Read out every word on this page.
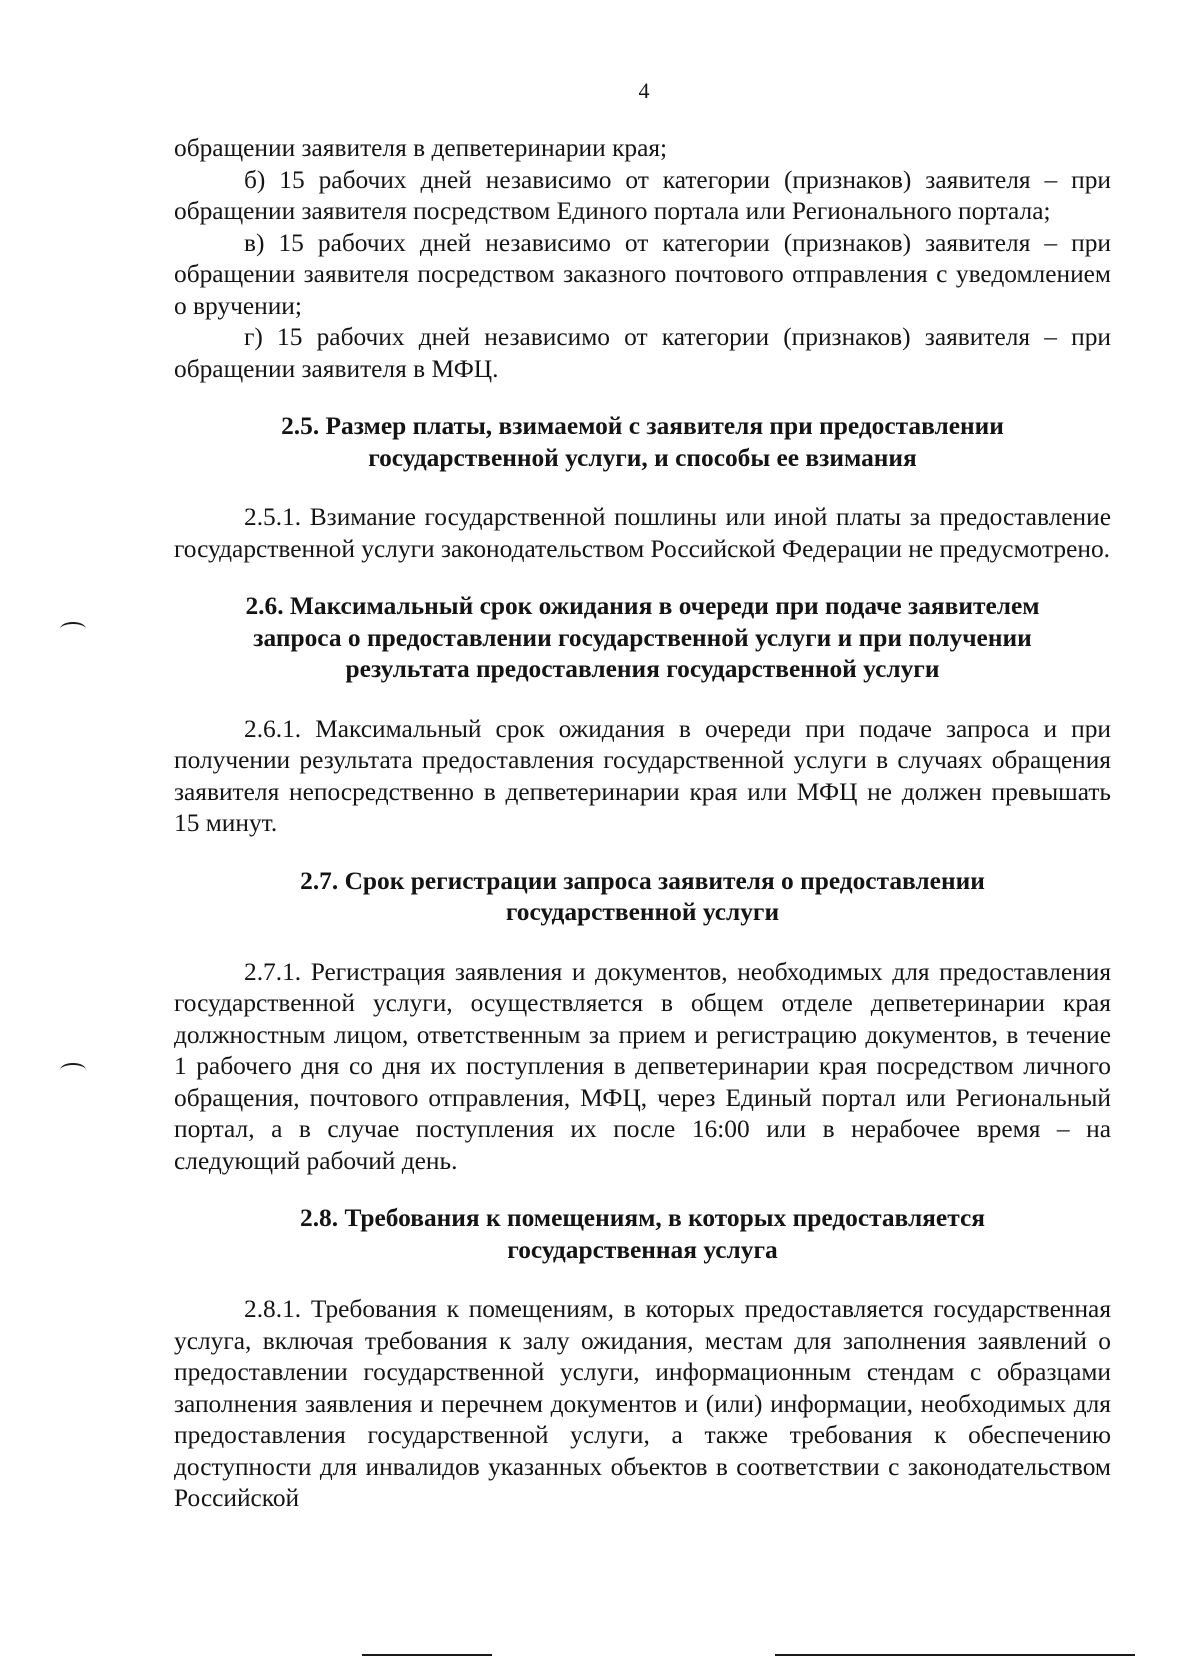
4

обращении заявителя в депветеринарии края;

б) 15 рабочих дней независимо от категории (признаков) заявителя – при обращении заявителя посредством Единого портала или Регионального портала;

в) 15 рабочих дней независимо от категории (признаков) заявителя – при обращении заявителя посредством заказного почтового отправления с уведомлением о вручении;

г) 15 рабочих дней независимо от категории (признаков) заявителя – при обращении заявителя в МФЦ.

2.5. Размер платы, взимаемой с заявителя при предоставлении государственной услуги, и способы ее взимания

2.5.1. Взимание государственной пошлины или иной платы за предоставление государственной услуги законодательством Российской Федерации не предусмотрено.

2.6. Максимальный срок ожидания в очереди при подаче заявителем запроса о предоставлении государственной услуги и при получении результата предоставления государственной услуги

2.6.1. Максимальный срок ожидания в очереди при подаче запроса и при получении результата предоставления государственной услуги в случаях обращения заявителя непосредственно в депветеринарии края или МФЦ не должен превышать 15 минут.

2.7. Срок регистрации запроса заявителя о предоставлении государственной услуги

2.7.1. Регистрация заявления и документов, необходимых для предоставления государственной услуги, осуществляется в общем отделе депветеринарии края должностным лицом, ответственным за прием и регистрацию документов, в течение 1 рабочего дня со дня их поступления в депветеринарии края посредством личного обращения, почтового отправления, МФЦ, через Единый портал или Региональный портал, а в случае поступления их после 16:00 или в нерабочее время – на следующий рабочий день.

2.8. Требования к помещениям, в которых предоставляется государственная услуга

2.8.1. Требования к помещениям, в которых предоставляется государственная услуга, включая требования к залу ожидания, местам для заполнения заявлений о предоставлении государственной услуги, информационным стендам с образцами заполнения заявления и перечнем документов и (или) информации, необходимых для предоставления государственной услуги, а также требования к обеспечению доступности для инвалидов указанных объектов в соответствии с законодательством Российской
